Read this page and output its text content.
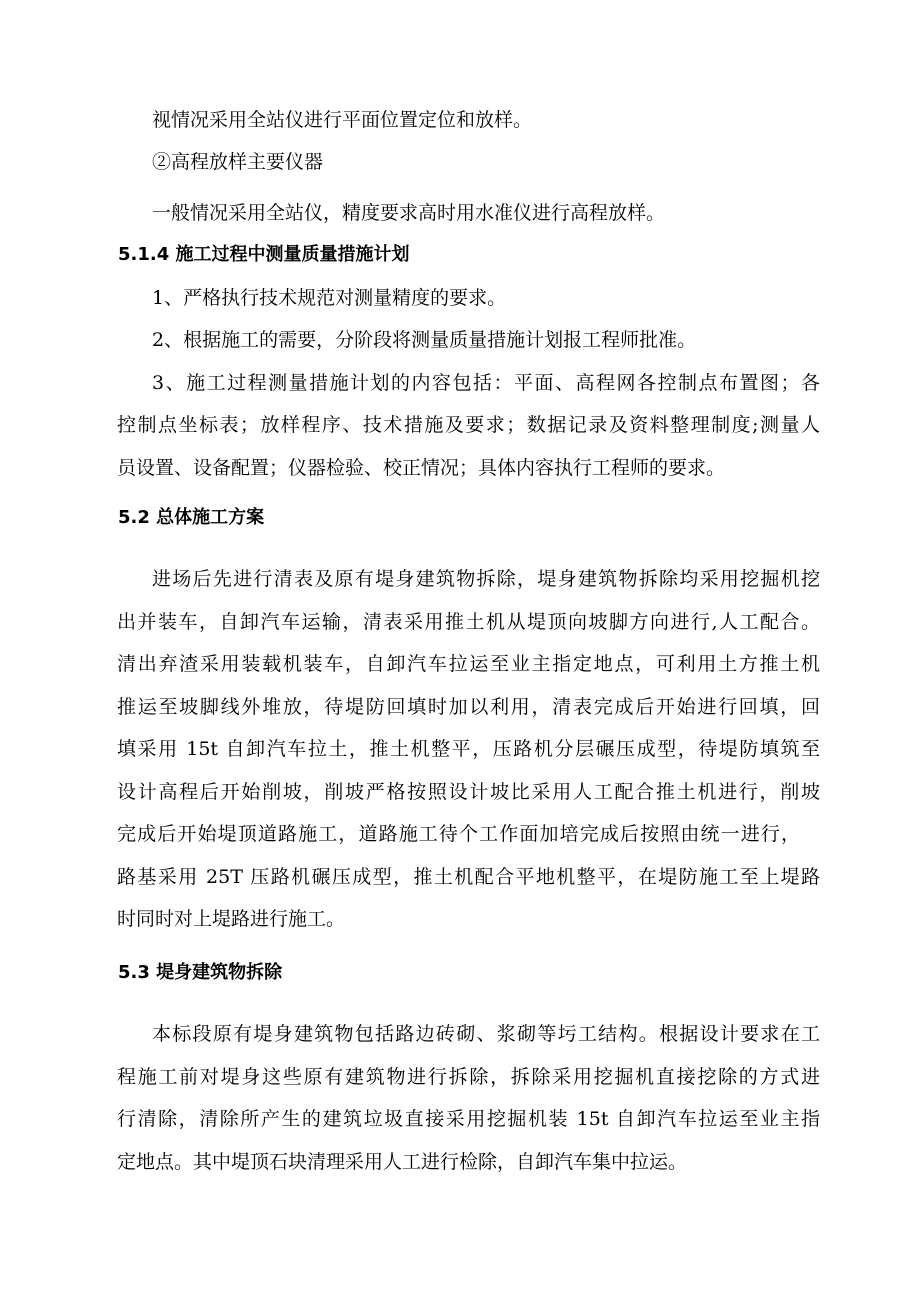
视情况采用全站仪进行平面位置定位和放样。
②高程放样主要仪器
一般情况采用全站仪，精度要求高时用水准仪进行高程放样。
5.1.4 施工过程中测量质量措施计划
1、严格执行技术规范对测量精度的要求。
2、根据施工的需要，分阶段将测量质量措施计划报工程师批准。
3、施工过程测量措施计划的内容包括：平面、高程网各控制点布置图；各
控制点坐标表；放样程序、技术措施及要求；数据记录及资料整理制度;测量人
员设置、设备配置；仪器检验、校正情况；具体内容执行工程师的要求。
5.2 总体施工方案
进场后先进行清表及原有堤身建筑物拆除，堤身建筑物拆除均采用挖掘机挖
出并装车，自卸汽车运输，清表采用推土机从堤顶向坡脚方向进行,人工配合。
清出弃渣采用装载机装车，自卸汽车拉运至业主指定地点，可利用土方推土机
推运至坡脚线外堆放，待堤防回填时加以利用，清表完成后开始进行回填，回
填采用 15t 自卸汽车拉土，推土机整平，压路机分层碾压成型，待堤防填筑至
设计高程后开始削坡，削坡严格按照设计坡比采用人工配合推土机进行，削坡
完成后开始堤顶道路施工，道路施工待个工作面加培完成后按照由统一进行，
路基采用 25T 压路机碾压成型，推土机配合平地机整平，在堤防施工至上堤路
时同时对上堤路进行施工。
5.3 堤身建筑物拆除
本标段原有堤身建筑物包括路边砖砌、浆砌等圬工结构。根据设计要求在工
程施工前对堤身这些原有建筑物进行拆除，拆除采用挖掘机直接挖除的方式进
行清除，清除所产生的建筑垃圾直接采用挖掘机装 15t 自卸汽车拉运至业主指
定地点。其中堤顶石块清理采用人工进行检除，自卸汽车集中拉运。
